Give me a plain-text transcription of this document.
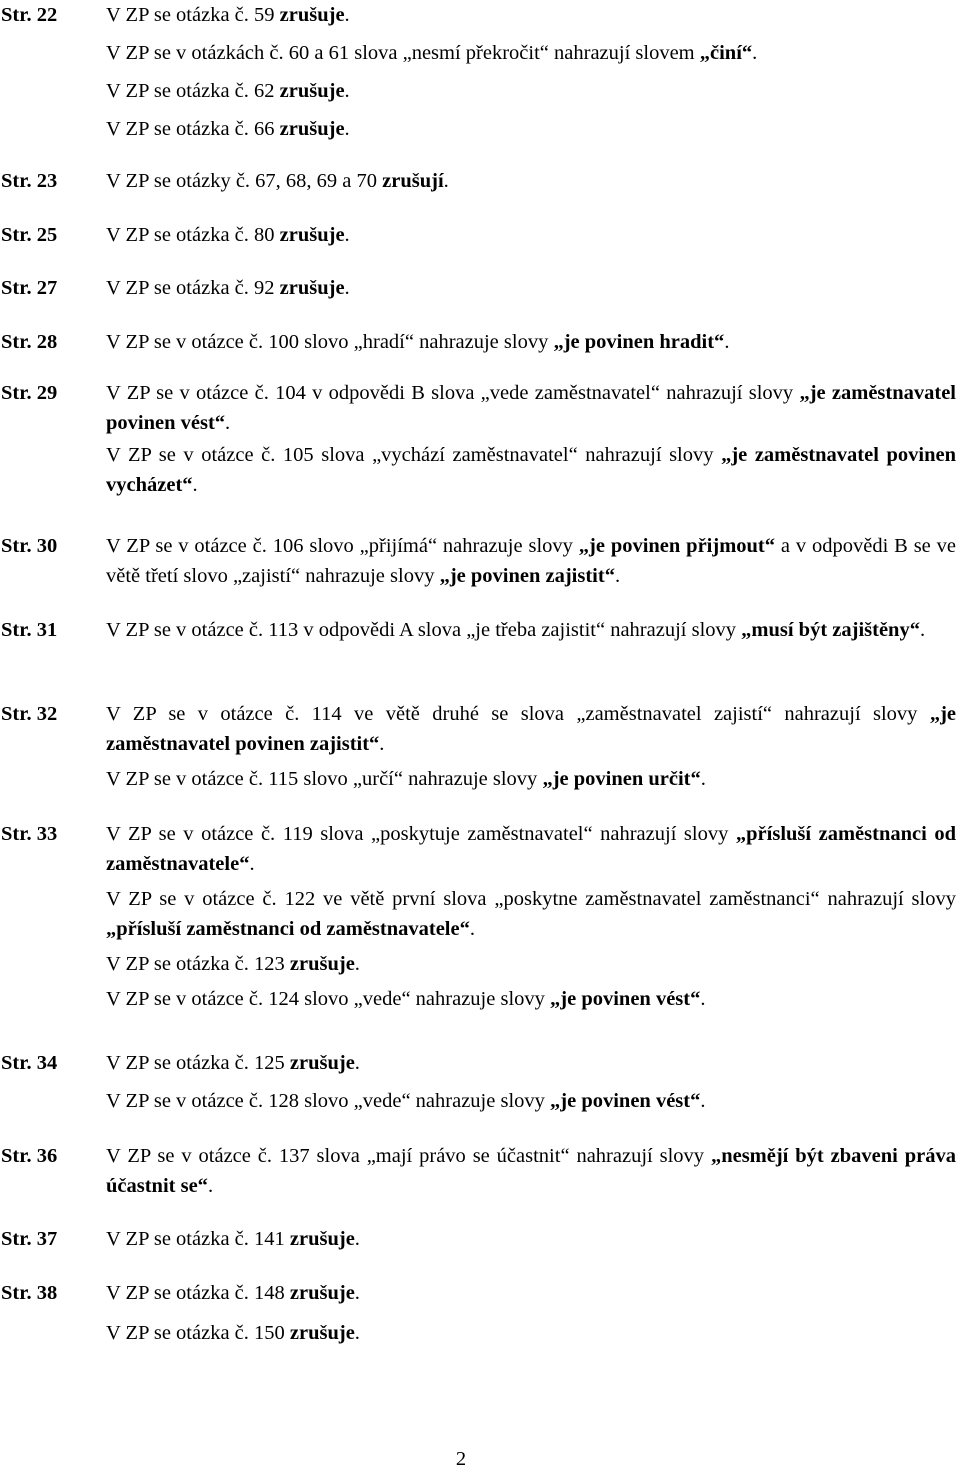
Str. 22 V ZP se otázka č. 59 zrušuje.
V ZP se v otázkách č. 60 a 61 slova „nesmí překročit“ nahrazují slovem „činí“.
V ZP se otázka č. 62 zrušuje.
V ZP se otázka č. 66 zrušuje.
Str. 23 V ZP se otázky č. 67, 68, 69 a 70 zrušují.
Str. 25 V ZP se otázka č. 80 zrušuje.
Str. 27 V ZP se otázka č. 92 zrušuje.
Str. 28 V ZP se v otázce č. 100 slovo „hradí“ nahrazuje slovy „je povinen hradit“.
Str. 29 V ZP se v otázce č. 104 v odpovědi B slova „vede zaměstnavatel“ nahrazují slovy „je zaměstnavatel povinen vést“.
V ZP se v otázce č. 105 slova „vychází zaměstnavatel“ nahrazují slovy „je zaměstnavatel povinen vycházet“.
Str. 30 V ZP se v otázce č. 106 slovo „přijímá“ nahrazuje slovy „je povinen přijmout“ a v odpovědi B se ve větě třetí slovo „zajistí“ nahrazuje slovy „je povinen zajistit“.
Str. 31 V ZP se v otázce č. 113 v odpovědi A slova „je třeba zajistit“ nahrazují slovy „musí být zajištěny“.
Str. 32 V ZP se v otázce č. 114 ve větě druhé se slova „zaměstnavatel zajistí“ nahrazují slovy „je zaměstnavatel povinen zajistit“.
V ZP se v otázce č. 115 slovo „určí“ nahrazuje slovy „je povinen určit“.
Str. 33 V ZP se v otázce č. 119 slova „poskytuje zaměstnavatel“ nahrazují slovy „přísluší zaměstnanci od zaměstnavatele“.
V ZP se v otázce č. 122 ve větě první slova „poskytne zaměstnavatel zaměstnanci“ nahrazují slovy „přísluší zaměstnanci od zaměstnavatele“.
V ZP se otázka č. 123 zrušuje.
V ZP se v otázce č. 124 slovo „vede“ nahrazuje slovy „je povinen vést“.
Str. 34 V ZP se otázka č. 125 zrušuje.
V ZP se v otázce č. 128 slovo „vede“ nahrazuje slovy „je povinen vést“.
Str. 36 V ZP se v otázce č. 137 slova „mají právo se účastnit“ nahrazují slovy „nesmějí být zbaveni práva účastnit se“.
Str. 37 V ZP se otázka č. 141 zrušuje.
Str. 38 V ZP se otázka č. 148 zrušuje.
V ZP se otázka č. 150 zrušuje.
2
